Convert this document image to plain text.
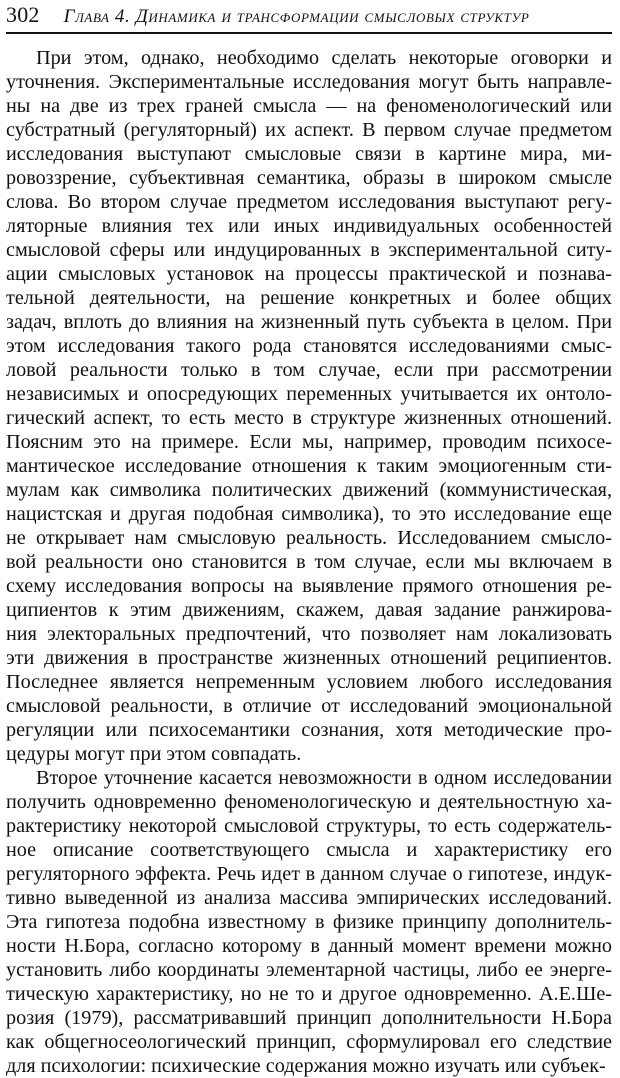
302 Глава 4. Динамика и трансформации смысловых структур
При этом, однако, необходимо сделать некоторые оговорки и
уточнения. Экспериментальные исследования могут быть направле-
ны на две из трех граней смысла — на феноменологический или
субстратный (регуляторный) их аспект. В первом случае предметом
исследования выступают смысловые связи в картине мира, ми-
ровоззрение, субъективная семантика, образы в широком смысле
слова. Во втором случае предметом исследования выступают регу-
ляторные влияния тех или иных индивидуальных особенностей
смысловой сферы или индуцированных в экспериментальной ситу-
ации смысловых установок на процессы практической и познава-
тельной деятельности, на решение конкретных и более общих
задач, вплоть до влияния на жизненный путь субъекта в целом. При
этом исследования такого рода становятся исследованиями смыс-
ловой реальности только в том случае, если при рассмотрении
независимых и опосредующих переменных учитывается их онтоло-
гический аспект, то есть место в структуре жизненных отношений.
Поясним это на примере. Если мы, например, проводим психосе-
мантическое исследование отношения к таким эмоциогенным сти-
мулам как символика политических движений (коммунистическая,
нацистская и другая подобная символика), то это исследование еще
не открывает нам смысловую реальность. Исследованием смысло-
вой реальности оно становится в том случае, если мы включаем в
схему исследования вопросы на выявление прямого отношения ре-
ципиентов к этим движениям, скажем, давая задание ранжирова-
ния электоральных предпочтений, что позволяет нам локализовать
эти движения в пространстве жизненных отношений реципиентов.
Последнее является непременным условием любого исследования
смысловой реальности, в отличие от исследований эмоциональной
регуляции или психосемантики сознания, хотя методические про-
цедуры могут при этом совпадать.
Второе уточнение касается невозможности в одном исследовании
получить одновременно феноменологическую и деятельностную ха-
рактеристику некоторой смысловой структуры, то есть содержатель-
ное описание соответствующего смысла и характеристику его
регуляторного эффекта. Речь идет в данном случае о гипотезе, индук-
тивно выведенной из анализа массива эмпирических исследований.
Эта гипотеза подобна известному в физике принципу дополнитель-
ности Н.Бора, согласно которому в данный момент времени можно
установить либо координаты элементарной частицы, либо ее энерге-
тическую характеристику, но не то и другое одновременно. А.Е.Ше-
розия (1979), рассматривавший принцип дополнительности Н.Бора
как общегносеологический принцип, сформулировал его следствие
для психологии: психические содержания можно изучать или субъек-
